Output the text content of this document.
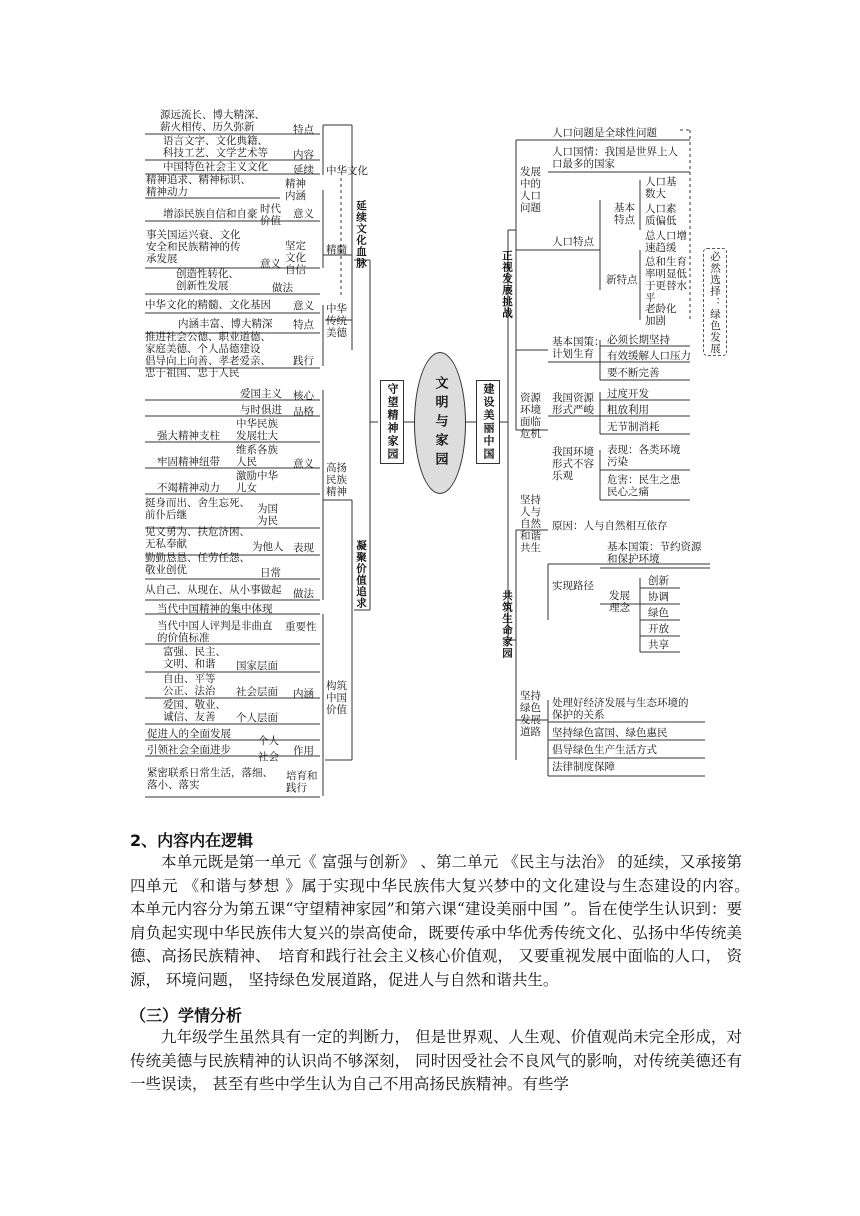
文明与家园
守望精神家园	建设美丽中国
延续文化血脉
凝聚价值追求
正视发展挑战
共筑生命家园
中华文化
特点
源远流长、博大精深、
薪火相传、历久弥新
内容
语言文字、文化典籍、
科技工艺、文学艺术等
延续
中国特色社会主义文化
精神
内涵
精神追求、精神标识、
精神动力
时代
价值
意义
增添民族自信和自豪
坚定
文化
自信
精髓
意义
事关国运兴衰、文化
安全和民族精神的传
承发展
做法
创造性转化、
创新性发展
中华
传统
美德
意义
中华文化的精髓、文化基因
特点
内涵丰富、博大精深
践行
推进社会公德、职业道德、
家庭美德、个人品德建设
倡导向上向善、孝老爱亲、
忠于祖国、忠于人民
高扬
民族
精神
核心
爱国主义
品格
与时俱进
意义
强大精神支柱
中华民族
发展壮大
牢固精神纽带
维系各族
人民
不竭精神动力
激励中华
儿女
表现
挺身而出、舍生忘死、
前仆后继	为国
为民
见义勇为、扶危济困、
无私奉献	为他人
勤勤恳恳、任劳任怨、
敬业创优	日常
做法
从自己、从现在、从小事做起
构筑
中国
价值
重要性
当代中国精神的集中体现
当代中国人评判是非曲直
的价值标准
内涵
国家层面
富强、民主、
文明、和谐
社会层面
自由、平等
公正、法治
个人层面
爱国、敬业、
诚信、友善
作用
促进人的全面发展
个人
引领社会全面进步
社会
培育和
践行
紧密联系日常生活，落细、
落小、落实
发展
中的
人口
问题
人口问题是全球性问题
人口国情：我国是世界上人
口最多的国家
人口特点
基本
特点
人口基
数大
人口素
质偏低
新特点
总人口增
速趋缓
总和生育
率明显低
于更替水
平
老龄化
加剧	必然选择：绿色发展
基本国策：
计划生育
必须长期坚持
有效缓解人口压力
要不断完善
资源
环境
面临
危机
我国资源
形式严峻
过度开发
粗放利用
无节制消耗
我国环境
形式不容
乐观
表现：各类环境
污染
危害：民生之患
民心之痛
坚持
人与
自然
和谐
共生
原因：人与自然相互依存
实现路径
基本国策：节约资源
和保护环境
发展
理念
创新
协调
绿色
开放
共享
坚持
绿色
发展
道路
处理好经济发展与生态环境的
保护的关系
坚持绿色富国、绿色惠民
倡导绿色生产生活方式
法律制度保障
2、内容内在逻辑
本单元既是第一单元《 富强与创新》 、第二单元 《民主与法治》 的延续，又承接第四单元 《和谐与梦想 》属于实现中华民族伟大复兴梦中的文化建设与生态建设的内容。　本单元内容分为第五课“守望精神家园”和第六课“建设美丽中国 ”。旨在使学生认识到：要肩负起实现中华民族伟大复兴的崇高使命，既要传承中华优秀传统文化、弘扬中华传统美德、高扬民族精神、　培育和践行社会主义核心价值观， 又要重视发展中面临的人口， 资源， 环境问题， 坚持绿色发展道路，促进人与自然和谐共生。
（三）学情分析
九年级学生虽然具有一定的判断力， 但是世界观、人生观、价值观尚未完全形成，对传统美德与民族精神的认识尚不够深刻， 同时因受社会不良风气的影响，对传统美德还有一些误读， 甚至有些中学生认为自己不用高扬民族精神。有些学
